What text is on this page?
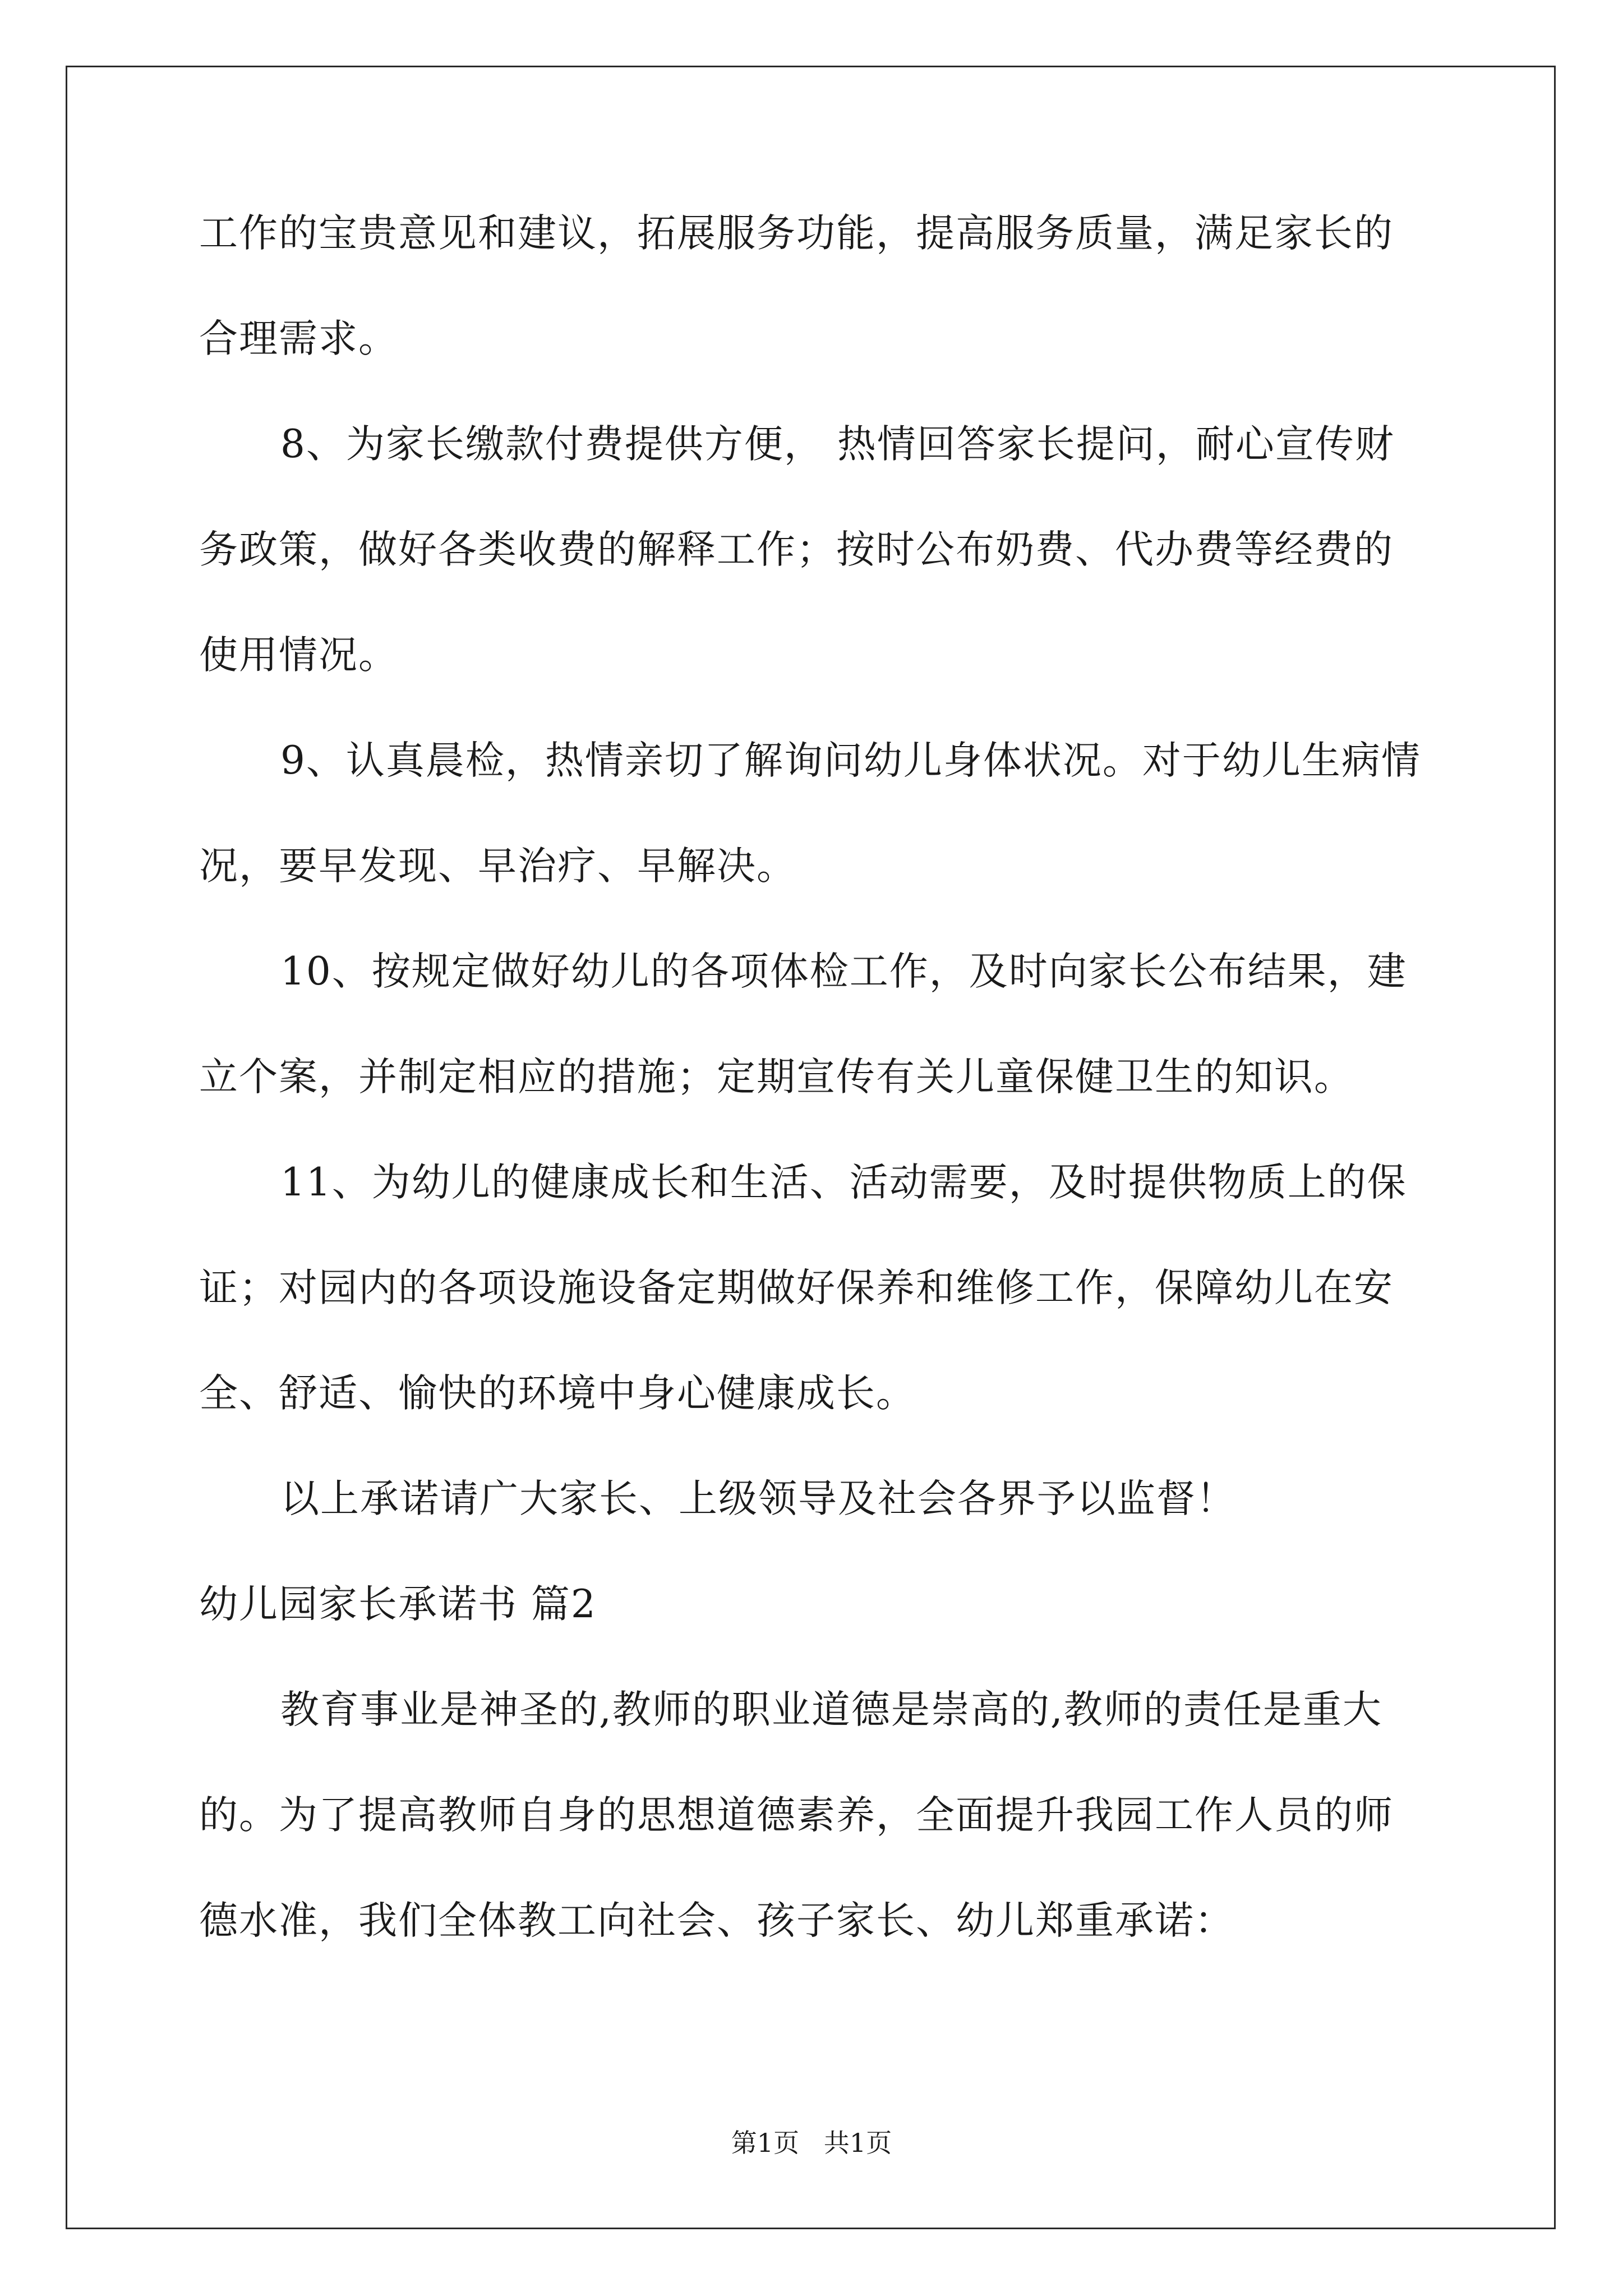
工作的宝贵意见和建议，拓展服务功能，提高服务质量，满足家长的
合理需求。
8、为家长缴款付费提供方便， 热情回答家长提问，耐心宣传财
务政策，做好各类收费的解释工作；按时公布奶费、代办费等经费的
使用情况。
9、认真晨检，热情亲切了解询问幼儿身体状况。对于幼儿生病情
况，要早发现、早治疗、早解决。
10、按规定做好幼儿的各项体检工作，及时向家长公布结果，建
立个案，并制定相应的措施；定期宣传有关儿童保健卫生的知识。
11、为幼儿的健康成长和生活、活动需要，及时提供物质上的保
证；对园内的各项设施设备定期做好保养和维修工作，保障幼儿在安
全、舒适、愉快的环境中身心健康成长。
以上承诺请广大家长、上级领导及社会各界予以监督！
幼儿园家长承诺书 篇2
教育事业是神圣的,教师的职业道德是崇高的,教师的责任是重大
的。为了提高教师自身的思想道德素养，全面提升我园工作人员的师
德水准，我们全体教工向社会、孩子家长、幼儿郑重承诺：
第1页   共1页
